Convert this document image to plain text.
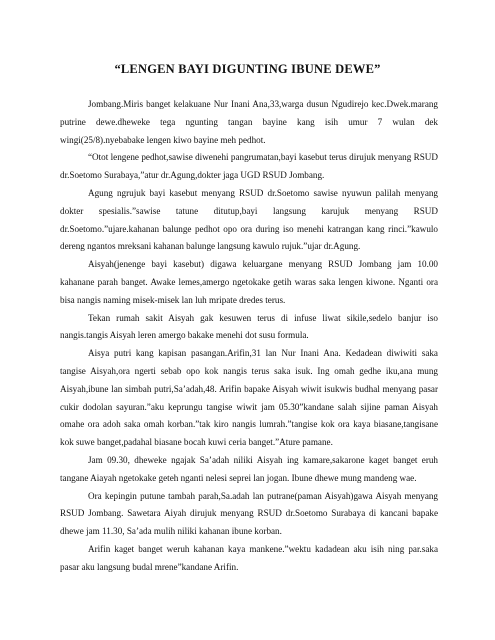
“LENGEN BAYI DIGUNTING IBUNE DEWE”

Jombang.Miris banget kelakuane Nur Inani Ana,33,warga dusun Ngudirejo kec.Dwek.marang putrine dewe.dheweke tega ngunting tangan bayine kang isih umur 7 wulan dek wingi(25/8).nyebabake lengen kiwo bayine meh pedhot.

“Otot lengene pedhot,sawise diwenehi pangrumatan,bayi kasebut terus dirujuk menyang RSUD dr.Soetomo Surabaya,”atur dr.Agung,dokter jaga UGD RSUD Jombang.

Agung ngrujuk bayi kasebut menyang RSUD dr.Soetomo sawise nyuwun palilah menyang dokter spesialis.”sawise tatune ditutup,bayi langsung karujuk menyang RSUD dr.Soetomo.”ujare.kahanan balunge pedhot opo ora during iso menehi katrangan kang rinci.”kawulo dereng ngantos mreksani kahanan balunge langsung kawulo rujuk.”ujar dr.Agung.

Aisyah(jenenge bayi kasebut) digawa keluargane menyang RSUD Jombang jam 10.00 kahanane parah banget. Awake lemes,amergo ngetokake getih waras saka lengen kiwone. Nganti ora bisa nangis naming misek-misek lan luh mripate dredes terus.

Tekan rumah sakit Aisyah gak kesuwen terus di infuse liwat sikile,sedelo banjur iso nangis.tangis Aisyah leren amergo bakake menehi dot susu formula.

Aisya putri kang kapisan pasangan.Arifin,31 lan Nur Inani Ana. Kedadean diwiwiti saka tangise Aisyah,ora ngerti sebab opo kok nangis terus saka isuk. Ing omah gedhe iku,ana mung Aisyah,ibune lan simbah putri,Sa’adah,48. Arifin bapake Aisyah wiwit isukwis budhal menyang pasar cukir dodolan sayuran.”aku keprungu tangise wiwit jam 05.30”kandane salah sijine paman Aisyah omahe ora adoh saka omah korban.”tak kiro nangis lumrah.”tangise kok ora kaya biasane,tangisane kok suwe banget,padahal biasane bocah kuwi ceria banget.”Ature pamane.

Jam 09.30, dheweke ngajak Sa’adah niliki Aisyah ing kamare,sakarone kaget banget eruh tangane Aiayah ngetokake geteh nganti nelesi seprei lan jogan. Ibune dhewe mung mandeng wae.

Ora kepingin putune tambah parah,Sa.adah lan putrane(paman Aisyah)gawa Aisyah menyang RSUD Jombang. Sawetara Aiyah dirujuk menyang RSUD dr.Soetomo Surabaya di kancani bapake dhewe jam 11.30, Sa’ada mulih niliki kahanan ibune korban.

Arifin kaget banget weruh kahanan kaya mankene.”wektu kadadean aku isih ning par.saka pasar aku langsung budal mrene”kandane Arifin.
